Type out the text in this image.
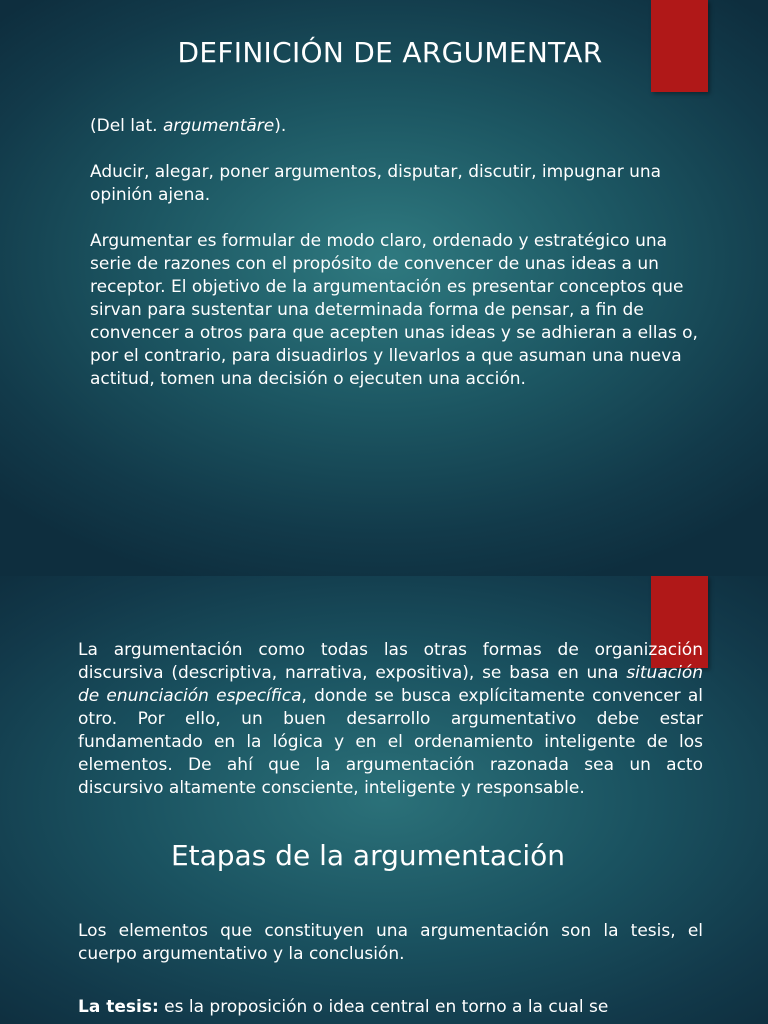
DEFINICIÓN DE ARGUMENTAR

(Del lat. argumentāre).

Aducir, alegar, poner argumentos, disputar, discutir, impugnar una opinión ajena.

Argumentar es formular de modo claro, ordenado y estratégico una serie de razones con el propósito de convencer de unas ideas a un receptor. El objetivo de la argumentación es presentar conceptos que sirvan para sustentar una determinada forma de pensar, a fin de convencer a otros para que acepten unas ideas y se adhieran a ellas o, por el contrario, para disuadirlos y llevarlos a que asuman una nueva actitud, tomen una decisión o ejecuten una acción.

La argumentación como todas las otras formas de organización discursiva (descriptiva, narrativa, expositiva), se basa en una situación de enunciación específica, donde se busca explícitamente convencer al otro. Por ello, un buen desarrollo argumentativo debe estar fundamentado en la lógica y en el ordenamiento inteligente de los elementos. De ahí que la argumentación razonada sea un acto discursivo altamente consciente, inteligente y responsable.

Etapas de la argumentación

Los elementos que constituyen una argumentación son la tesis, el cuerpo argumentativo y la conclusión.

La tesis: es la proposición o idea central en torno a la cual se
